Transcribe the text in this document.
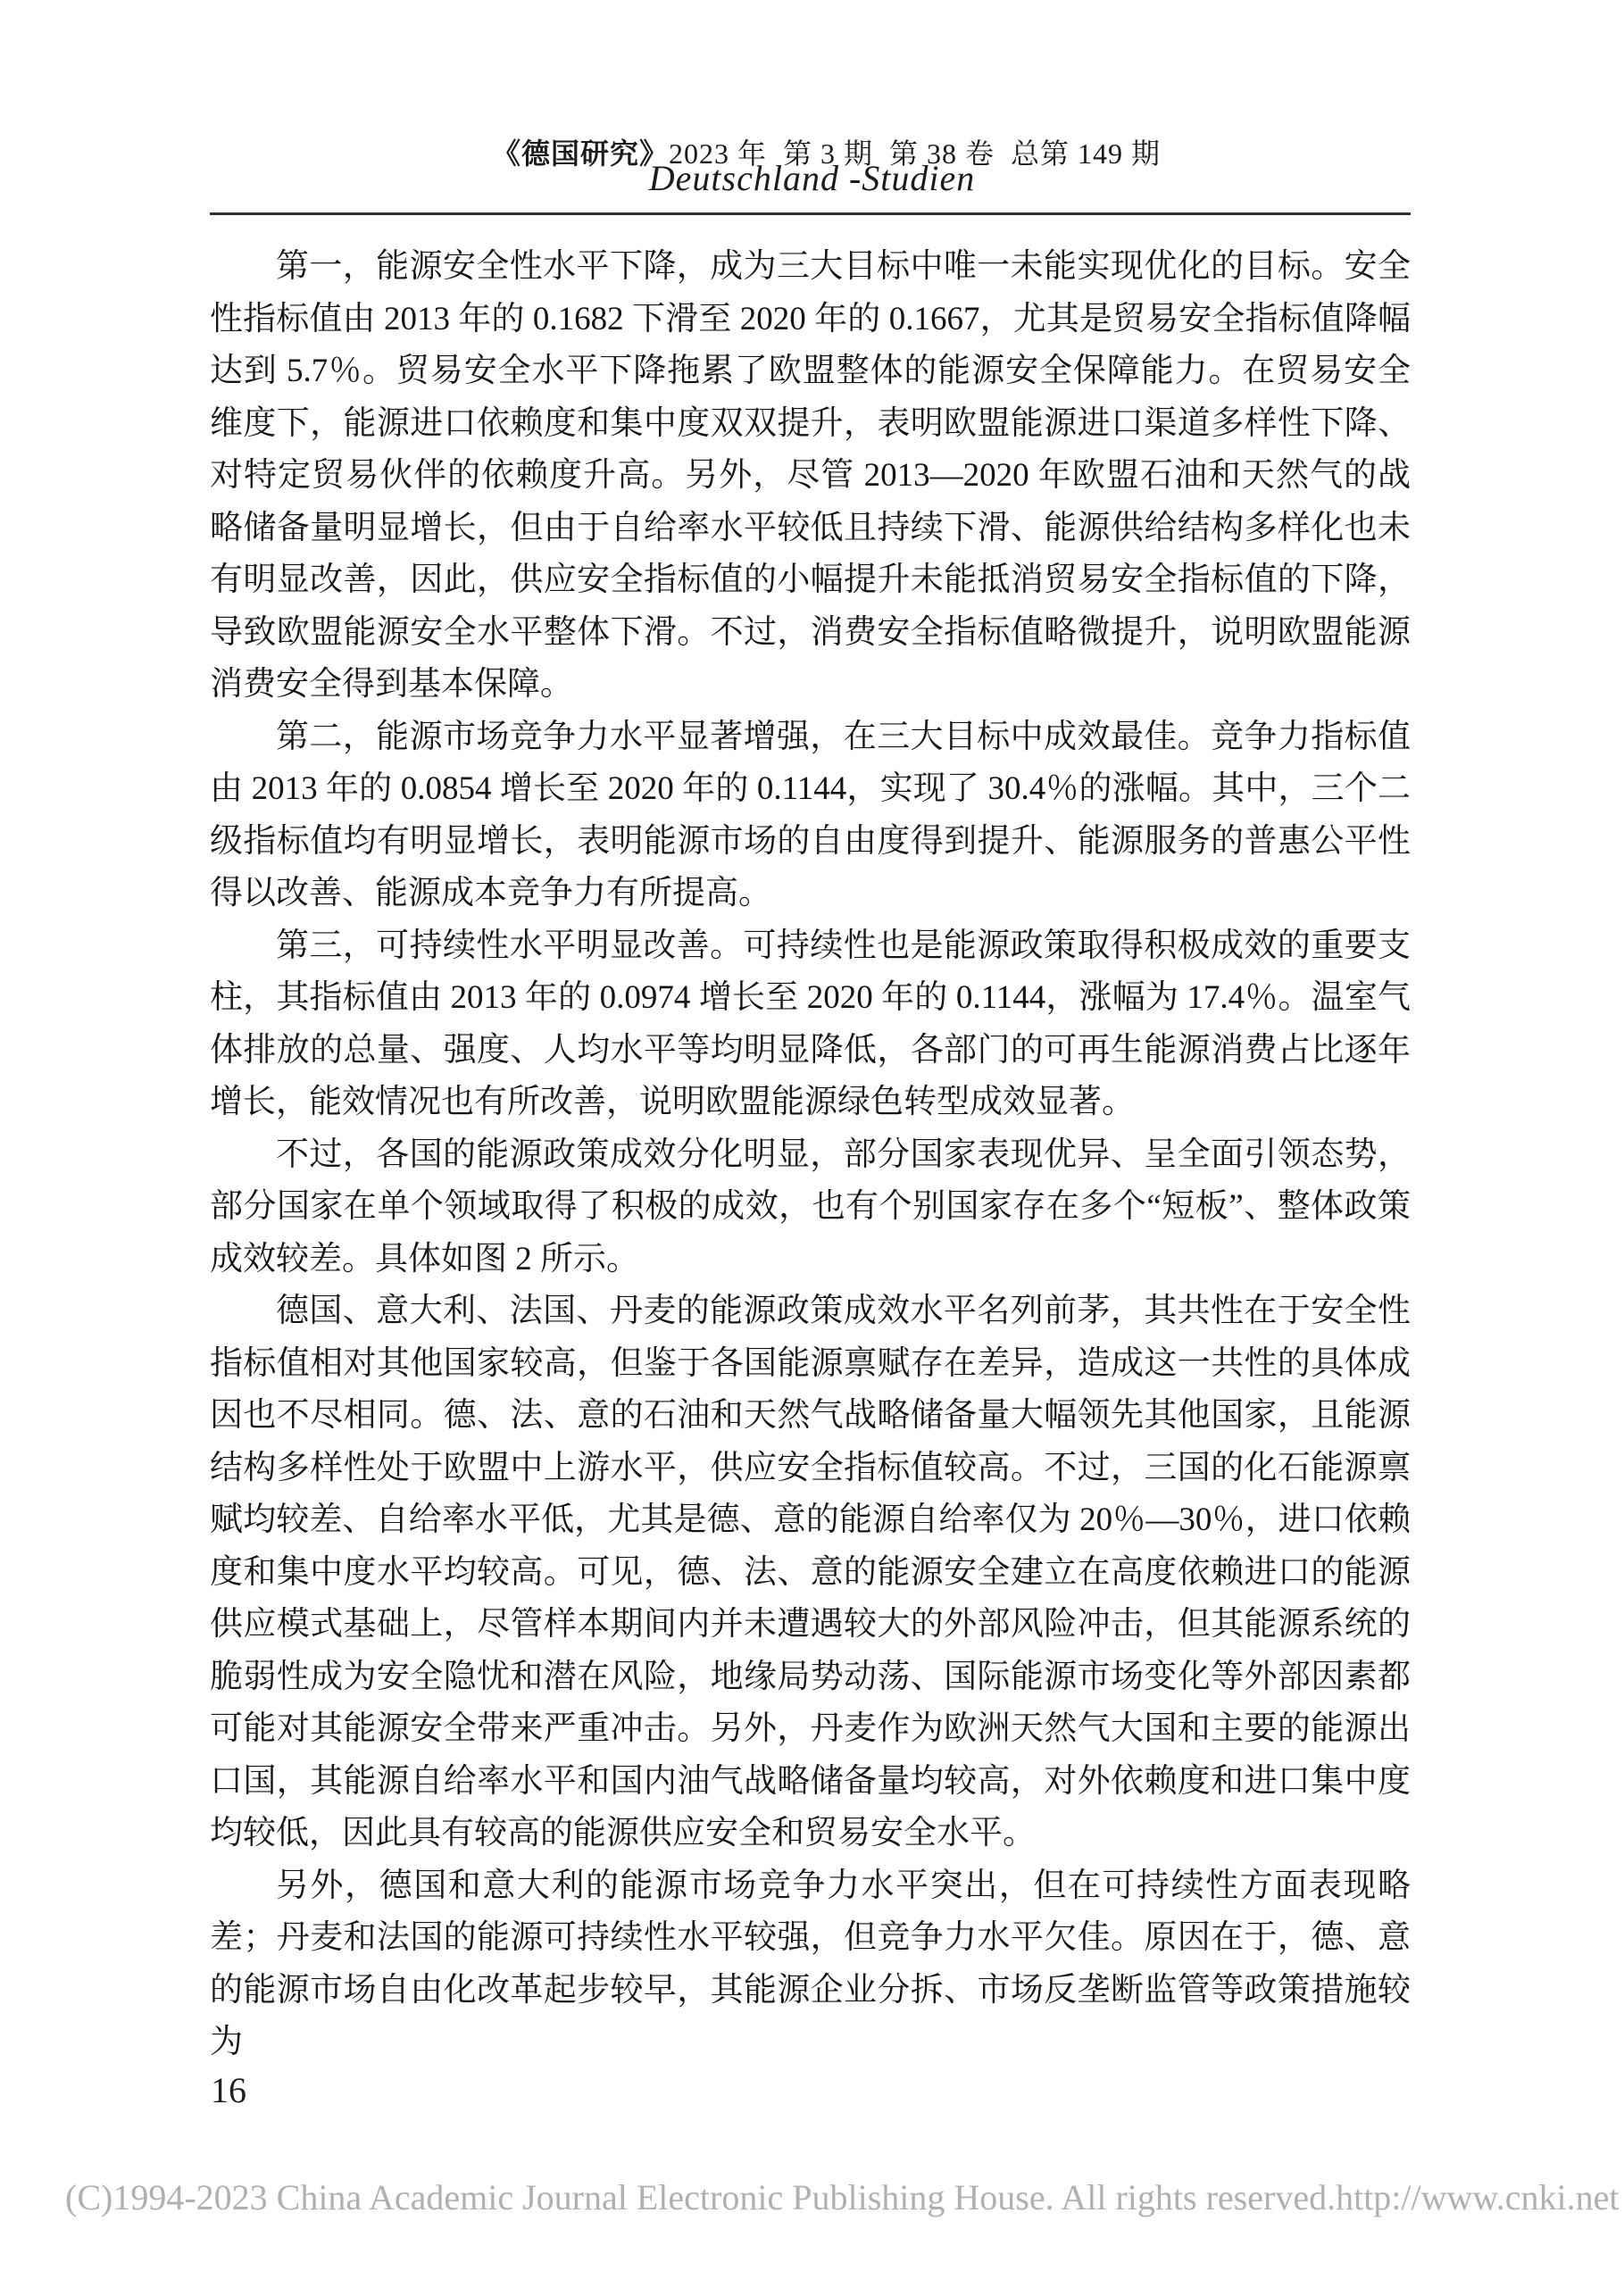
《德国研究》2023 年  第 3 期  第 38 卷  总第 149 期

Deutschland -Studien

第一，能源安全性水平下降，成为三大目标中唯一未能实现优化的目标。安全性指标值由 2013 年的 0.1682 下滑至 2020 年的 0.1667，尤其是贸易安全指标值降幅达到 5.7％。贸易安全水平下降拖累了欧盟整体的能源安全保障能力。在贸易安全维度下，能源进口依赖度和集中度双双提升，表明欧盟能源进口渠道多样性下降、对特定贸易伙伴的依赖度升高。另外，尽管 2013—2020 年欧盟石油和天然气的战略储备量明显增长，但由于自给率水平较低且持续下滑、能源供给结构多样化也未有明显改善，因此，供应安全指标值的小幅提升未能抵消贸易安全指标值的下降，导致欧盟能源安全水平整体下滑。不过，消费安全指标值略微提升，说明欧盟能源消费安全得到基本保障。

第二，能源市场竞争力水平显著增强，在三大目标中成效最佳。竞争力指标值由 2013 年的 0.0854 增长至 2020 年的 0.1144，实现了 30.4％的涨幅。其中，三个二级指标值均有明显增长，表明能源市场的自由度得到提升、能源服务的普惠公平性得以改善、能源成本竞争力有所提高。

第三，可持续性水平明显改善。可持续性也是能源政策取得积极成效的重要支柱，其指标值由 2013 年的 0.0974 增长至 2020 年的 0.1144，涨幅为 17.4％。温室气体排放的总量、强度、人均水平等均明显降低，各部门的可再生能源消费占比逐年增长，能效情况也有所改善，说明欧盟能源绿色转型成效显著。

不过，各国的能源政策成效分化明显，部分国家表现优异、呈全面引领态势，部分国家在单个领域取得了积极的成效，也有个别国家存在多个“短板”、整体政策成效较差。具体如图 2 所示。

德国、意大利、法国、丹麦的能源政策成效水平名列前茅，其共性在于安全性指标值相对其他国家较高，但鉴于各国能源禀赋存在差异，造成这一共性的具体成因也不尽相同。德、法、意的石油和天然气战略储备量大幅领先其他国家，且能源结构多样性处于欧盟中上游水平，供应安全指标值较高。不过，三国的化石能源禀赋均较差、自给率水平低，尤其是德、意的能源自给率仅为 20％—30％，进口依赖度和集中度水平均较高。可见，德、法、意的能源安全建立在高度依赖进口的能源供应模式基础上，尽管样本期间内并未遭遇较大的外部风险冲击，但其能源系统的脆弱性成为安全隐忧和潜在风险，地缘局势动荡、国际能源市场变化等外部因素都可能对其能源安全带来严重冲击。另外，丹麦作为欧洲天然气大国和主要的能源出口国，其能源自给率水平和国内油气战略储备量均较高，对外依赖度和进口集中度均较低，因此具有较高的能源供应安全和贸易安全水平。

另外，德国和意大利的能源市场竞争力水平突出，但在可持续性方面表现略差；丹麦和法国的能源可持续性水平较强，但竞争力水平欠佳。原因在于，德、意的能源市场自由化改革起步较早，其能源企业分拆、市场反垄断监管等政策措施较为

16
(C)1994-2023 China Academic Journal Electronic Publishing House. All rights reserved. http://www.cnki.net
